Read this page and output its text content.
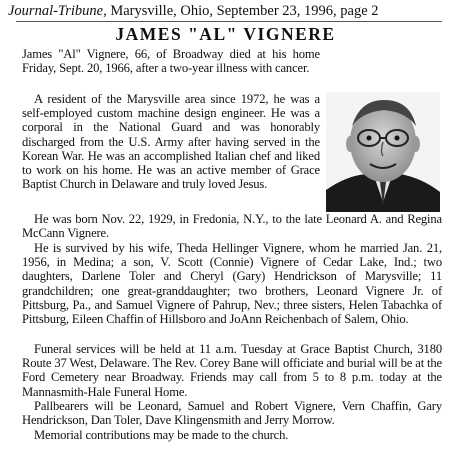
Journal-Tribune, Marysville, Ohio, September 23, 1996, page 2
JAMES "AL" VIGNERE

James "Al" Vignere, 66, of Broadway died at his home Friday, Sept. 20, 1966, after a two-year illness with cancer.

A resident of the Marysville area since 1972, he was a self-employed custom machine design engineer. He was a corporal in the National Guard and was honorably discharged from the U.S. Army after having served in the Korean War. He was an accomplished Italian chef and liked to work on his home. He was an active member of Grace Baptist Church in Delaware and truly loved Jesus.

He was born Nov. 22, 1929, in Fredonia, N.Y., to the late Leonard A. and Regina McCann Vignere.

He is survived by his wife, Theda Hellinger Vignere, whom he married Jan. 21, 1956, in Medina; a son, V. Scott (Connie) Vignere of Cedar Lake, Ind.; two daughters, Darlene Toler and Cheryl (Gary) Hendrickson of Marysville; 11 grandchildren; one great-granddaughter; two brothers, Leonard Vignere Jr. of Pittsburg, Pa., and Samuel Vignere of Pahrup, Nev.; three sisters, Helen Tabachka of Pittsburg, Eileen Chaffin of Hillsboro and JoAnn Reichenbach of Salem, Ohio.

Funeral services will be held at 11 a.m. Tuesday at Grace Baptist Church, 3180 Route 37 West, Delaware. The Rev. Corey Bane will officiate and burial will be at the Ford Cemetery near Broadway. Friends may call from 5 to 8 p.m. today at the Mannasmith-Hale Funeral Home.

Pallbearers will be Leonard, Samuel and Robert Vignere, Vern Chaffin, Gary Hendrickson, Dan Toler, Dave Klingensmith and Jerry Morrow.

Memorial contributions may be made to the church.
